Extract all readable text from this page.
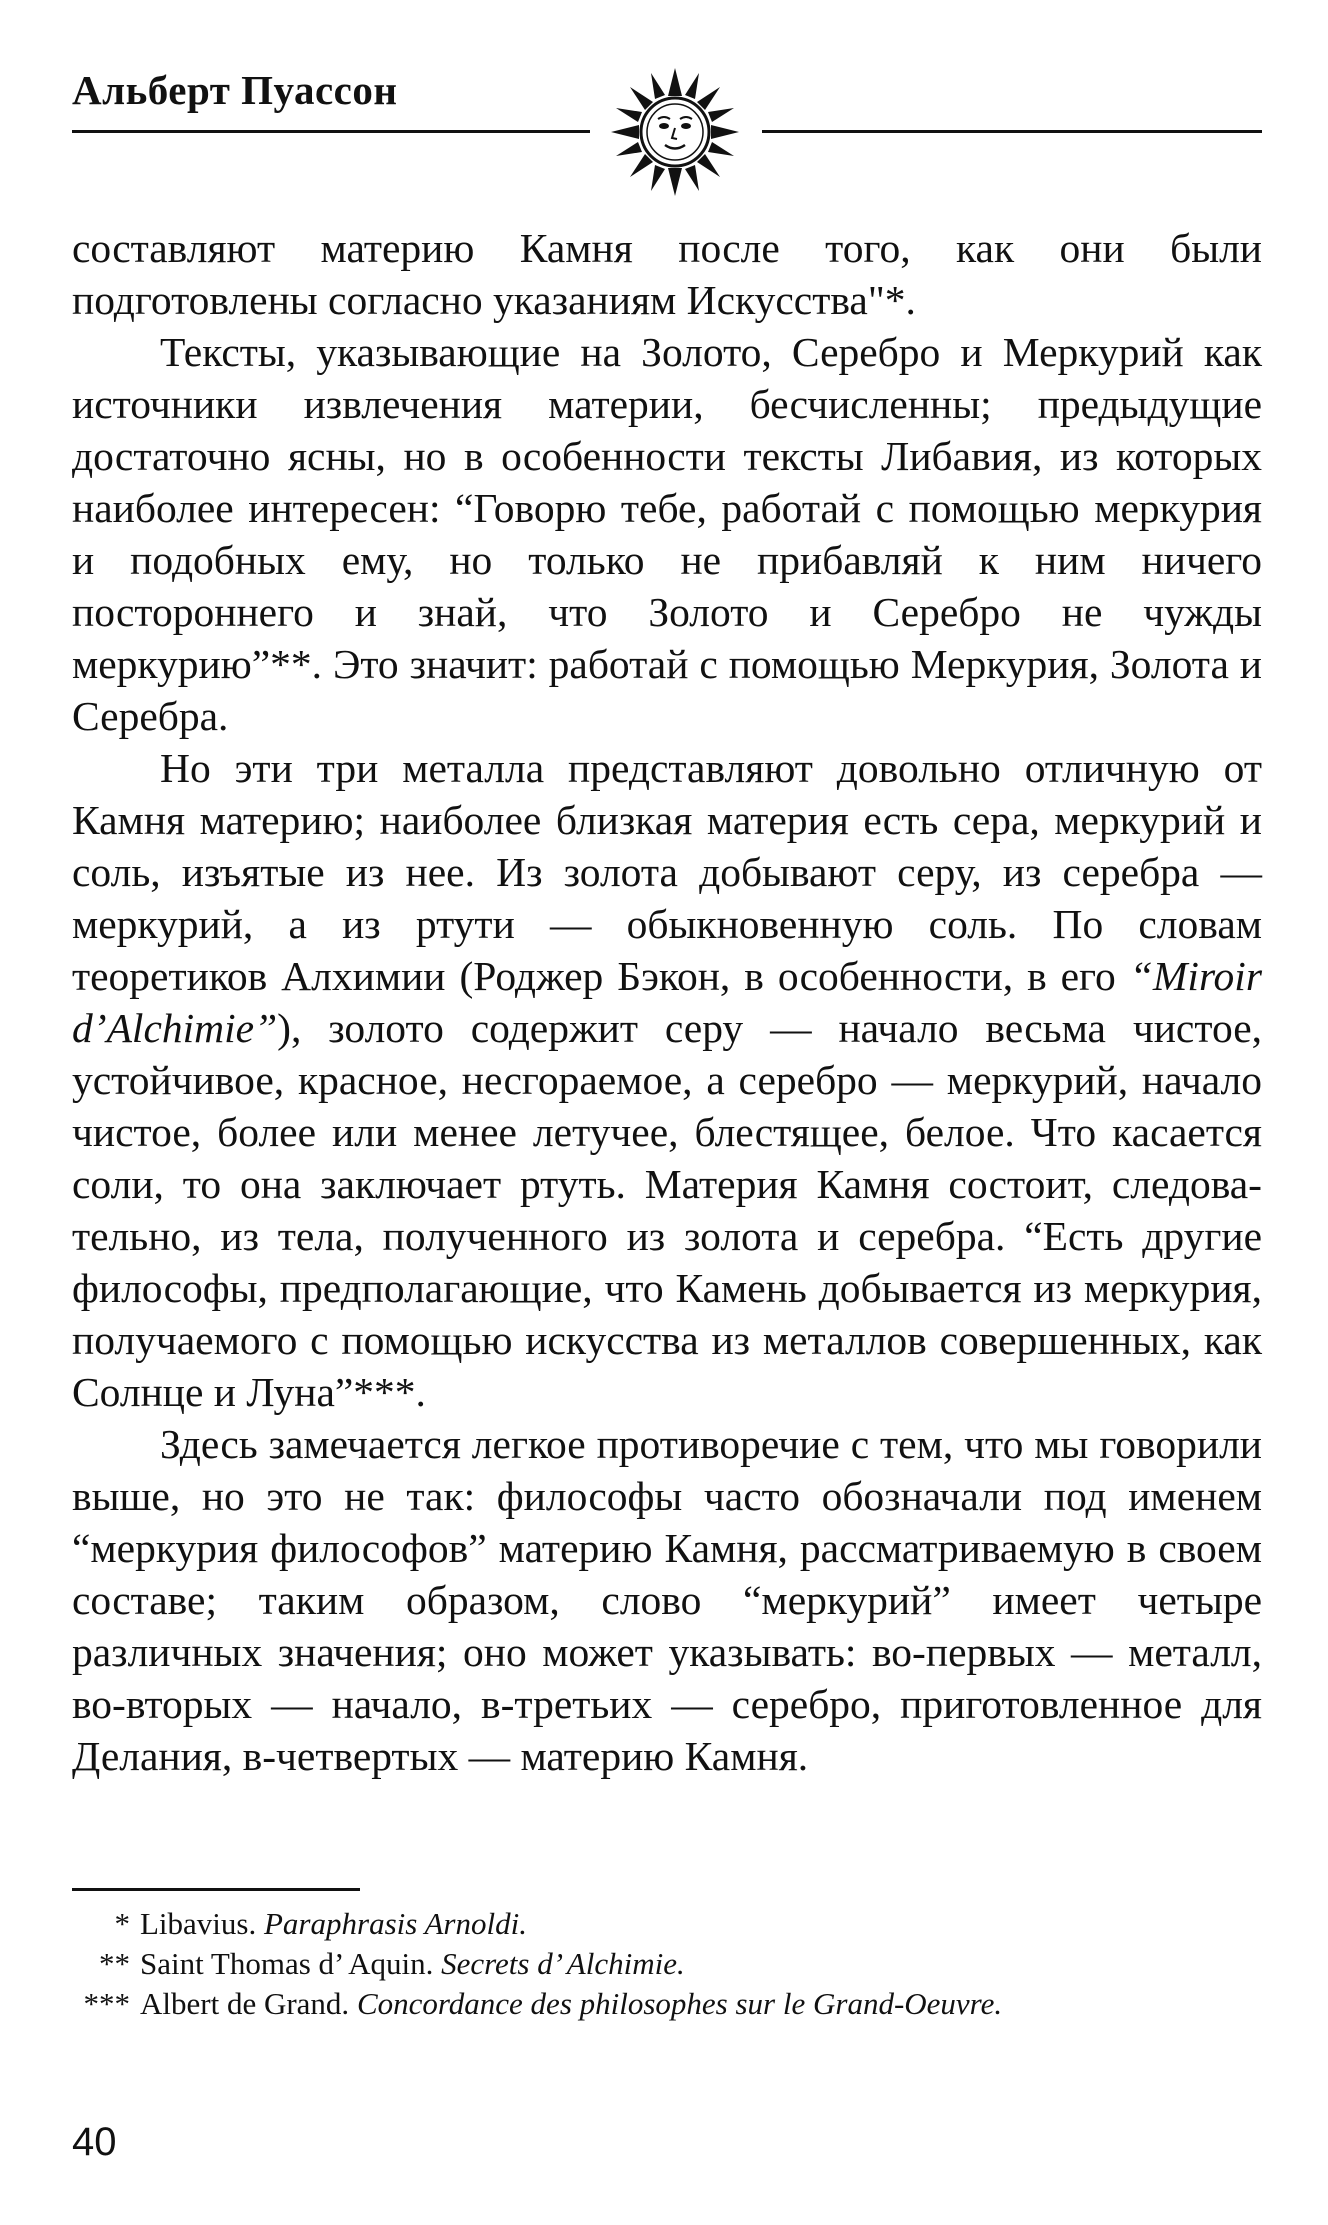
Альберт Пуассон

составляют материю Камня после того, как они были подготовлены согласно указаниям Искусства"*.

Тексты, указывающие на Золото, Серебро и Меркурий как источники извлечения материи, бесчисленны; предыдущие достаточно ясны, но в особенности тексты Либавия, из которых наиболее интересен: “Говорю тебе, работай с помощью меркурия и подобных ему, но только не прибавляй к ним ничего постороннего и знай, что Золото и Серебро не чужды меркурию”**. Это значит: работай с помощью Меркурия, Золота и Серебра.

Но эти три металла представляют довольно отличную от Камня материю; наиболее близкая материя есть сера, меркурий и соль, изъятые из нее. Из золота добывают серу, из серебра — меркурий, а из ртути — обыкновенную соль. По словам теоретиков Алхимии (Роджер Бэкон, в особенности, в его “Miroir d’Alchimie”), золото содержит серу — начало весьма чистое, устойчивое, красное, несгораемое, а серебро — меркурий, начало чистое, более или менее летучее, блестящее, белое. Что касается соли, то она заключает ртуть. Материя Камня состоит, следовательно, из тела, полученного из золота и серебра. “Есть другие философы, предполагающие, что Камень добывается из меркурия, получаемого с помощью искусства из металлов совершенных, как Солнце и Луна”***.

Здесь замечается легкое противоречие с тем, что мы говорили выше, но это не так: философы часто обозначали под именем “меркурия философов” материю Камня, рассматриваемую в своем составе; таким образом, слово “меркурий” имеет четыре различных значения; оно может указывать: во-первых — металл, во-вторых — начало, в-третьих — серебро, приготовленное для Делания, в-четвертых — материю Камня.

* Libavius. Paraphrasis Arnoldi.
** Saint Thomas d’ Aquin. Secrets d’ Alchimie.
*** Albert de Grand. Concordance des philosophes sur le Grand-Oeuvre.
40
